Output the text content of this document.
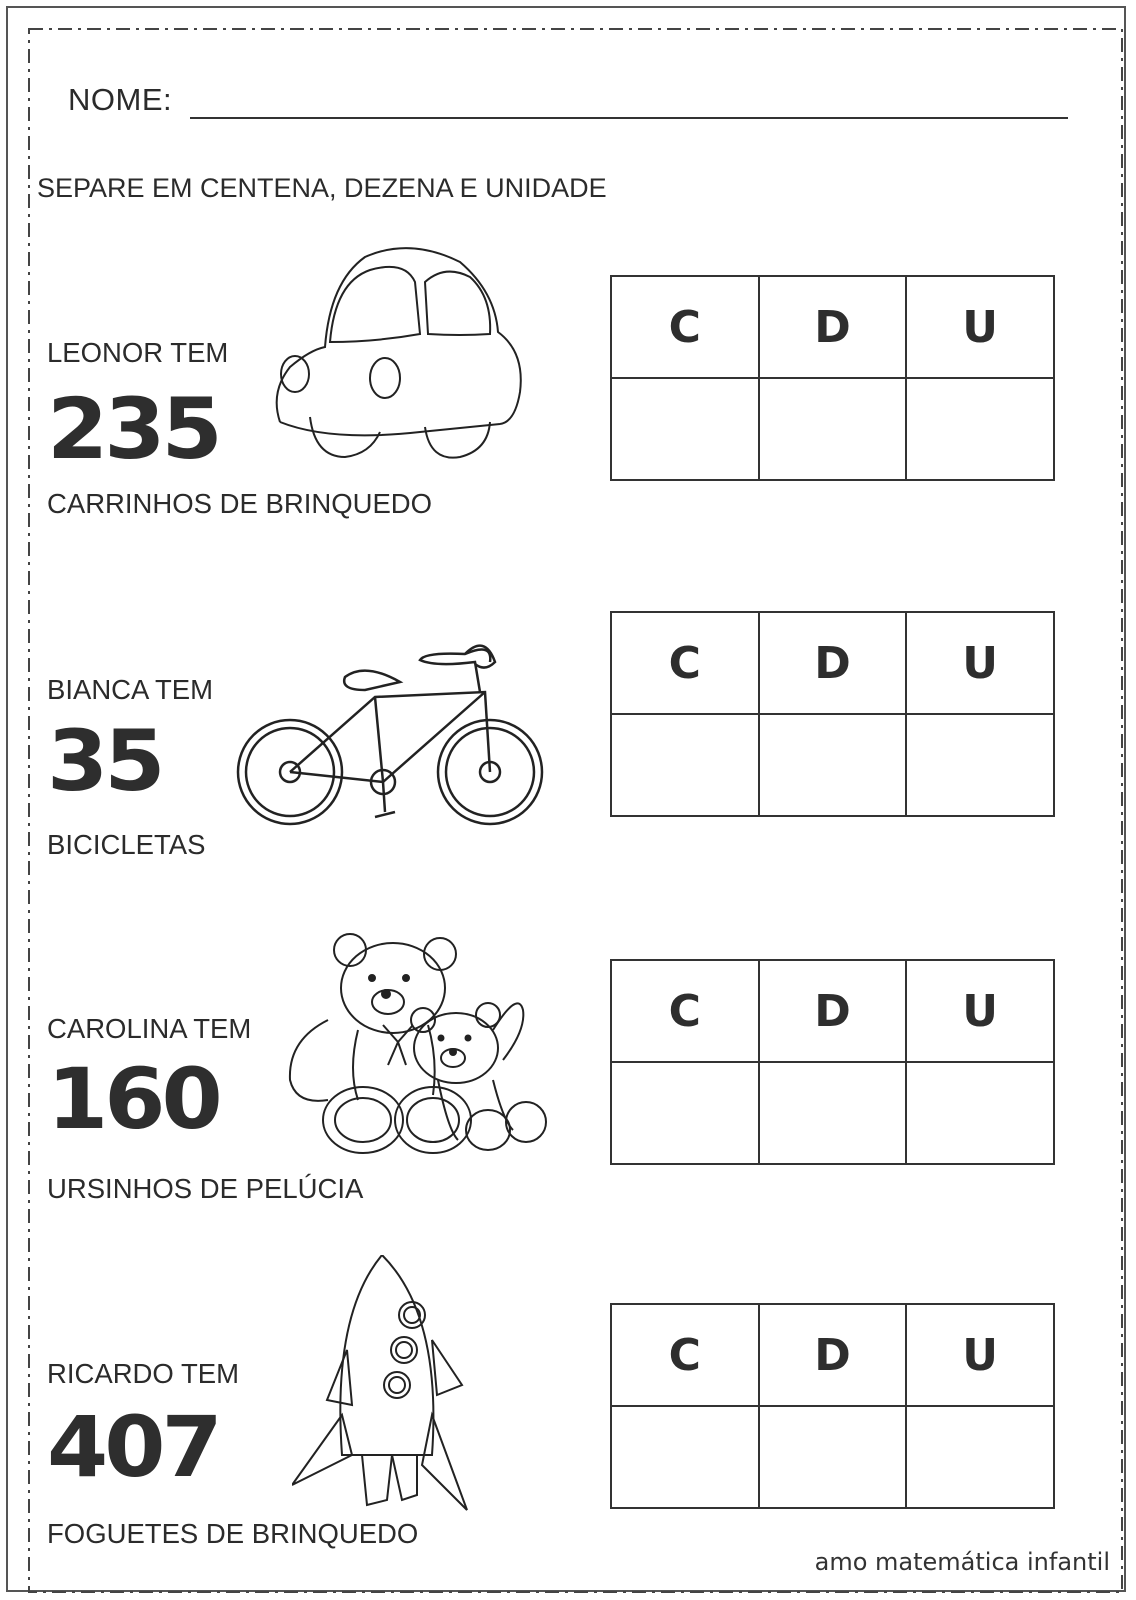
NOME:
SEPARE EM CENTENA, DEZENA E UNIDADE
LEONOR TEM
235
CARRINHOS DE BRINQUEDO
C	D	U

BIANCA TEM
35
BICICLETAS
C	D	U

CAROLINA TEM
160
URSINHOS DE PELÚCIA
C	D	U

RICARDO TEM
407
FOGUETES DE BRINQUEDO
C	D	U

amo matemática infantil
